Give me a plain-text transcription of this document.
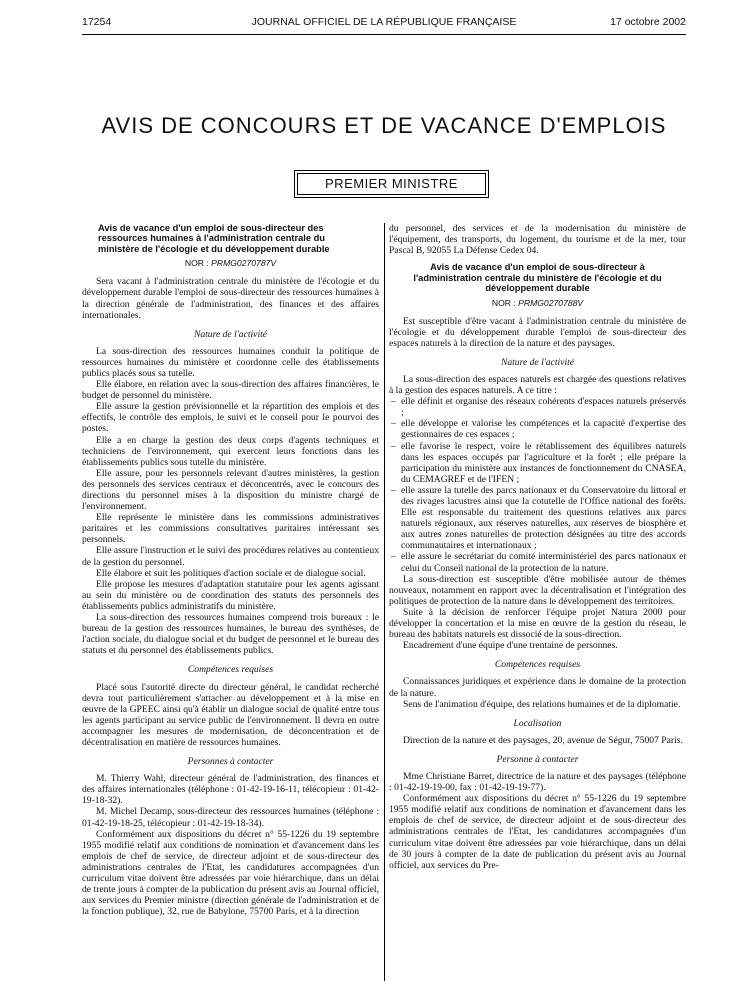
17254	JOURNAL OFFICIEL DE LA RÉPUBLIQUE FRANÇAISE	17 octobre 2002
AVIS DE CONCOURS ET DE VACANCE D'EMPLOIS
PREMIER MINISTRE
Avis de vacance d'un emploi de sous-directeur des ressources humaines à l'administration centrale du ministère de l'écologie et du développement durable
NOR : PRMG0270787V

Sera vacant à l'administration centrale du ministère de l'écologie et du développement durable l'emploi de sous-directeur des ressources humaines à la direction générale de l'administration, des finances et des affaires internationales.

Nature de l'activité

La sous-direction des ressources humaines conduit la politique de ressources humaines du ministère et coordonne celle des établissements publics placés sous sa tutelle.

Elle élabore, en relation avec la sous-direction des affaires financières, le budget de personnel du ministère.

Elle assure la gestion prévisionnelle et la répartition des emplois et des effectifs, le contrôle des emplois, le suivi et le conseil pour le pourvoi des postes.

Elle a en charge la gestion des deux corps d'agents techniques et techniciens de l'environnement, qui exercent leurs fonctions dans les établissements publics sous tutelle du ministère.

Elle assure, pour les personnels relevant d'autres ministères, la gestion des personnels des services centraux et déconcentrés, avec le concours des directions du personnel mises à la disposition du ministre chargé de l'environnement.

Elle représente le ministère dans les commissions administratives paritaires et les commissions consultatives paritaires intéressant ses personnels.

Elle assure l'instruction et le suivi des procédures relatives au contentieux de la gestion du personnel.

Elle élabore et suit les politiques d'action sociale et de dialogue social.

Elle propose les mesures d'adaptation statutaire pour les agents agissant au sein du ministère ou de coordination des statuts des personnels des établissements publics administratifs du ministère.

La sous-direction des ressources humaines comprend trois bureaux : le bureau de la gestion des ressources humaines, le bureau des synthèses, de l'action sociale, du dialogue social et du budget de personnel et le bureau des statuts et du personnel des établissements publics.

Compétences requises

Placé sous l'autorité directe du directeur général, le candidat recherché devra tout particulièrement s'attacher au développement et à la mise en œuvre de la GPEEC ainsi qu'à établir un dialogue social de qualité entre tous les agents participant au service public de l'environnement. Il devra en outre accompagner les mesures de modernisation, de déconcentration et de décentralisation en matière de ressources humaines.

Personnes à contacter

M. Thierry Wahl, directeur général de l'administration, des finances et des affaires internationales (téléphone : 01-42-19-16-11, télécopieur : 01-42-19-18-32).

M. Michel Decamp, sous-directeur des ressources humaines (téléphone : 01-42-19-18-25, télécopieur : 01-42-19-18-34).

Conformément aux dispositions du décret n° 55-1226 du 19 septembre 1955 modifié relatif aux conditions de nomination et d'avancement dans les emplois de chef de service, de directeur adjoint et de sous-directeur des administrations centrales de l'Etat, les candidatures accompagnées d'un curriculum vitae doivent être adressées par voie hiérarchique, dans un délai de trente jours à compter de la publication du présent avis au Journal officiel, aux services du Premier ministre (direction générale de l'administration et de la fonction publique), 32, rue de Babylone, 75700 Paris, et à la direction

du personnel, des services et de la modernisation du ministère de l'équipement, des transports, du logement, du tourisme et de la mer, tour Pascal B, 92055 La Défense Cedex 04.

Avis de vacance d'un emploi de sous-directeur à l'administration centrale du ministère de l'écologie et du développement durable
NOR : PRMG0270788V

Est susceptible d'être vacant à l'administration centrale du ministère de l'écologie et du développement durable l'emploi de sous-directeur des espaces naturels à la direction de la nature et des paysages.

Nature de l'activité

La sous-direction des espaces naturels est chargée des questions relatives à la gestion des espaces naturels. A ce titre :

– elle définit et organise des réseaux cohérents d'espaces naturels préservés ;
– elle développe et valorise les compétences et la capacité d'expertise des gestionnaires de ces espaces ;
– elle favorise le respect, voire le rétablissement des équilibres naturels dans les espaces occupés par l'agriculture et la forêt ; elle prépare la participation du ministère aux instances de fonctionnement du CNASEA, du CEMAGREF et de l'IFEN ;
– elle assure la tutelle des parcs nationaux et du Conservatoire du littoral et des rivages lacustres ainsi que la cotutelle de l'Office national des forêts. Elle est responsable du traitement des questions relatives aux parcs naturels régionaux, aux réserves naturelles, aux réserves de biosphère et aux autres zones naturelles de protection désignées au titre des accords communautaires et internationaux ;
– elle assure le secrétariat du comité interministériel des parcs nationaux et celui du Conseil national de la protection de la nature.

La sous-direction est susceptible d'être mobilisée autour de thèmes nouveaux, notamment en rapport avec la décentralisation et l'intégration des politiques de protection de la nature dans le développement des territoires.

Suite à la décision de renforcer l'équipe projet Natura 2000 pour développer la concertation et la mise en œuvre de la gestion du réseau, le bureau des habitats naturels est dissocié de la sous-direction.

Encadrement d'une équipe d'une trentaine de personnes.

Compétences requises

Connaissances juridiques et expérience dans le domaine de la protection de la nature.

Sens de l'animation d'équipe, des relations humaines et de la diplomatie.

Localisation

Direction de la nature et des paysages, 20, avenue de Ségur, 75007 Paris.

Personne à contacter

Mme Christiane Barret, directrice de la nature et des paysages (téléphone : 01-42-19-19-00, fax : 01-42-19-19-77).

Conformément aux dispositions du décret n° 55-1226 du 19 septembre 1955 modifié relatif aux conditions de nomination et d'avancement dans les emplois de chef de service, de directeur adjoint et de sous-directeur des administrations centrales de l'Etat, les candidatures accompagnées d'un curriculum vitae doivent être adressées par voie hiérarchique, dans un délai de 30 jours à compter de la date de publication du présent avis au Journal officiel, aux services du Pre-
